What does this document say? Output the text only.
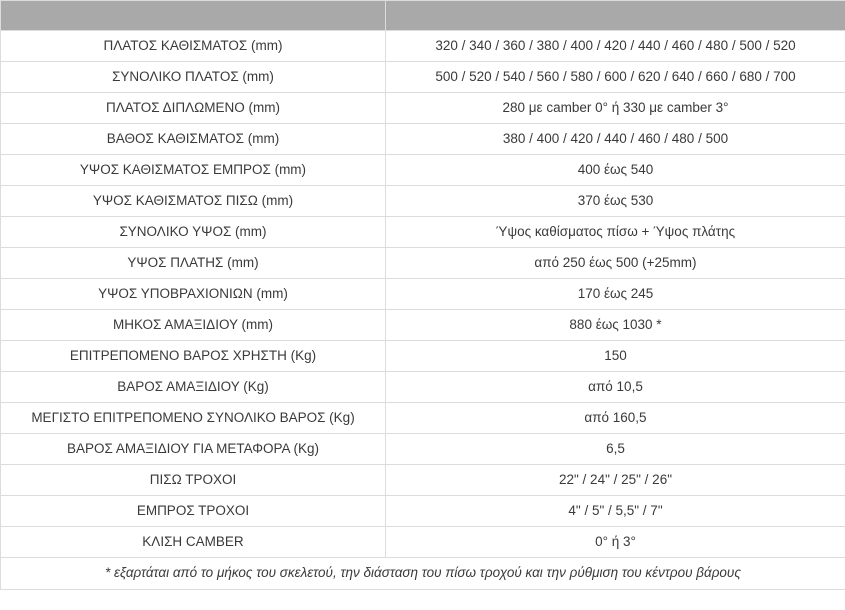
ΠΛΑΤΟΣ ΚΑΘΙΣΜΑΤΟΣ (mm)	320 / 340 / 360 / 380 / 400 / 420 / 440 / 460 / 480 / 500 / 520
ΣΥΝΟΛΙΚΟ ΠΛΑΤΟΣ (mm)	500 / 520 / 540 / 560 / 580 / 600 / 620 / 640 / 660 / 680 / 700
ΠΛΑΤΟΣ ΔΙΠΛΩΜΕΝΟ (mm)	280 με camber 0° ή 330 με camber 3°
ΒΑΘΟΣ ΚΑΘΙΣΜΑΤΟΣ (mm)	380 / 400 / 420 / 440 / 460 / 480 / 500
ΥΨΟΣ ΚΑΘΙΣΜΑΤΟΣ ΕΜΠΡΟΣ (mm)	400 έως 540
ΥΨΟΣ ΚΑΘΙΣΜΑΤΟΣ ΠΙΣΩ (mm)	370 έως 530
ΣΥΝΟΛΙΚΟ ΥΨΟΣ (mm)	Ύψος καθίσματος πίσω + Ύψος πλάτης
ΥΨΟΣ ΠΛΑΤΗΣ (mm)	από 250 έως 500 (+25mm)
ΥΨΟΣ ΥΠΟΒΡΑΧΙΟΝΙΩΝ (mm)	170 έως 245
ΜΗΚΟΣ ΑΜΑΞΙΔΙΟΥ (mm)	880 έως 1030 *
ΕΠΙΤΡΕΠΟΜΕΝΟ ΒΑΡΟΣ ΧΡΗΣΤΗ (Kg)	150
ΒΑΡΟΣ ΑΜΑΞΙΔΙΟΥ (Kg)	από 10,5
ΜΕΓΙΣΤΟ ΕΠΙΤΡΕΠΟΜΕΝΟ ΣΥΝΟΛΙΚΟ ΒΑΡΟΣ (Kg)	από 160,5
ΒΑΡΟΣ ΑΜΑΞΙΔΙΟΥ ΓΙΑ ΜΕΤΑΦΟΡΑ (Kg)	6,5
ΠΙΣΩ ΤΡΟΧΟΙ	22" / 24" / 25" / 26"
ΕΜΠΡΟΣ ΤΡΟΧΟΙ	4" / 5" / 5,5" / 7"
ΚΛΙΣΗ CAMBER	0° ή 3°
* εξαρτάται από το μήκος του σκελετού, την διάσταση του πίσω τροχού και την ρύθμιση του κέντρου βάρους	
